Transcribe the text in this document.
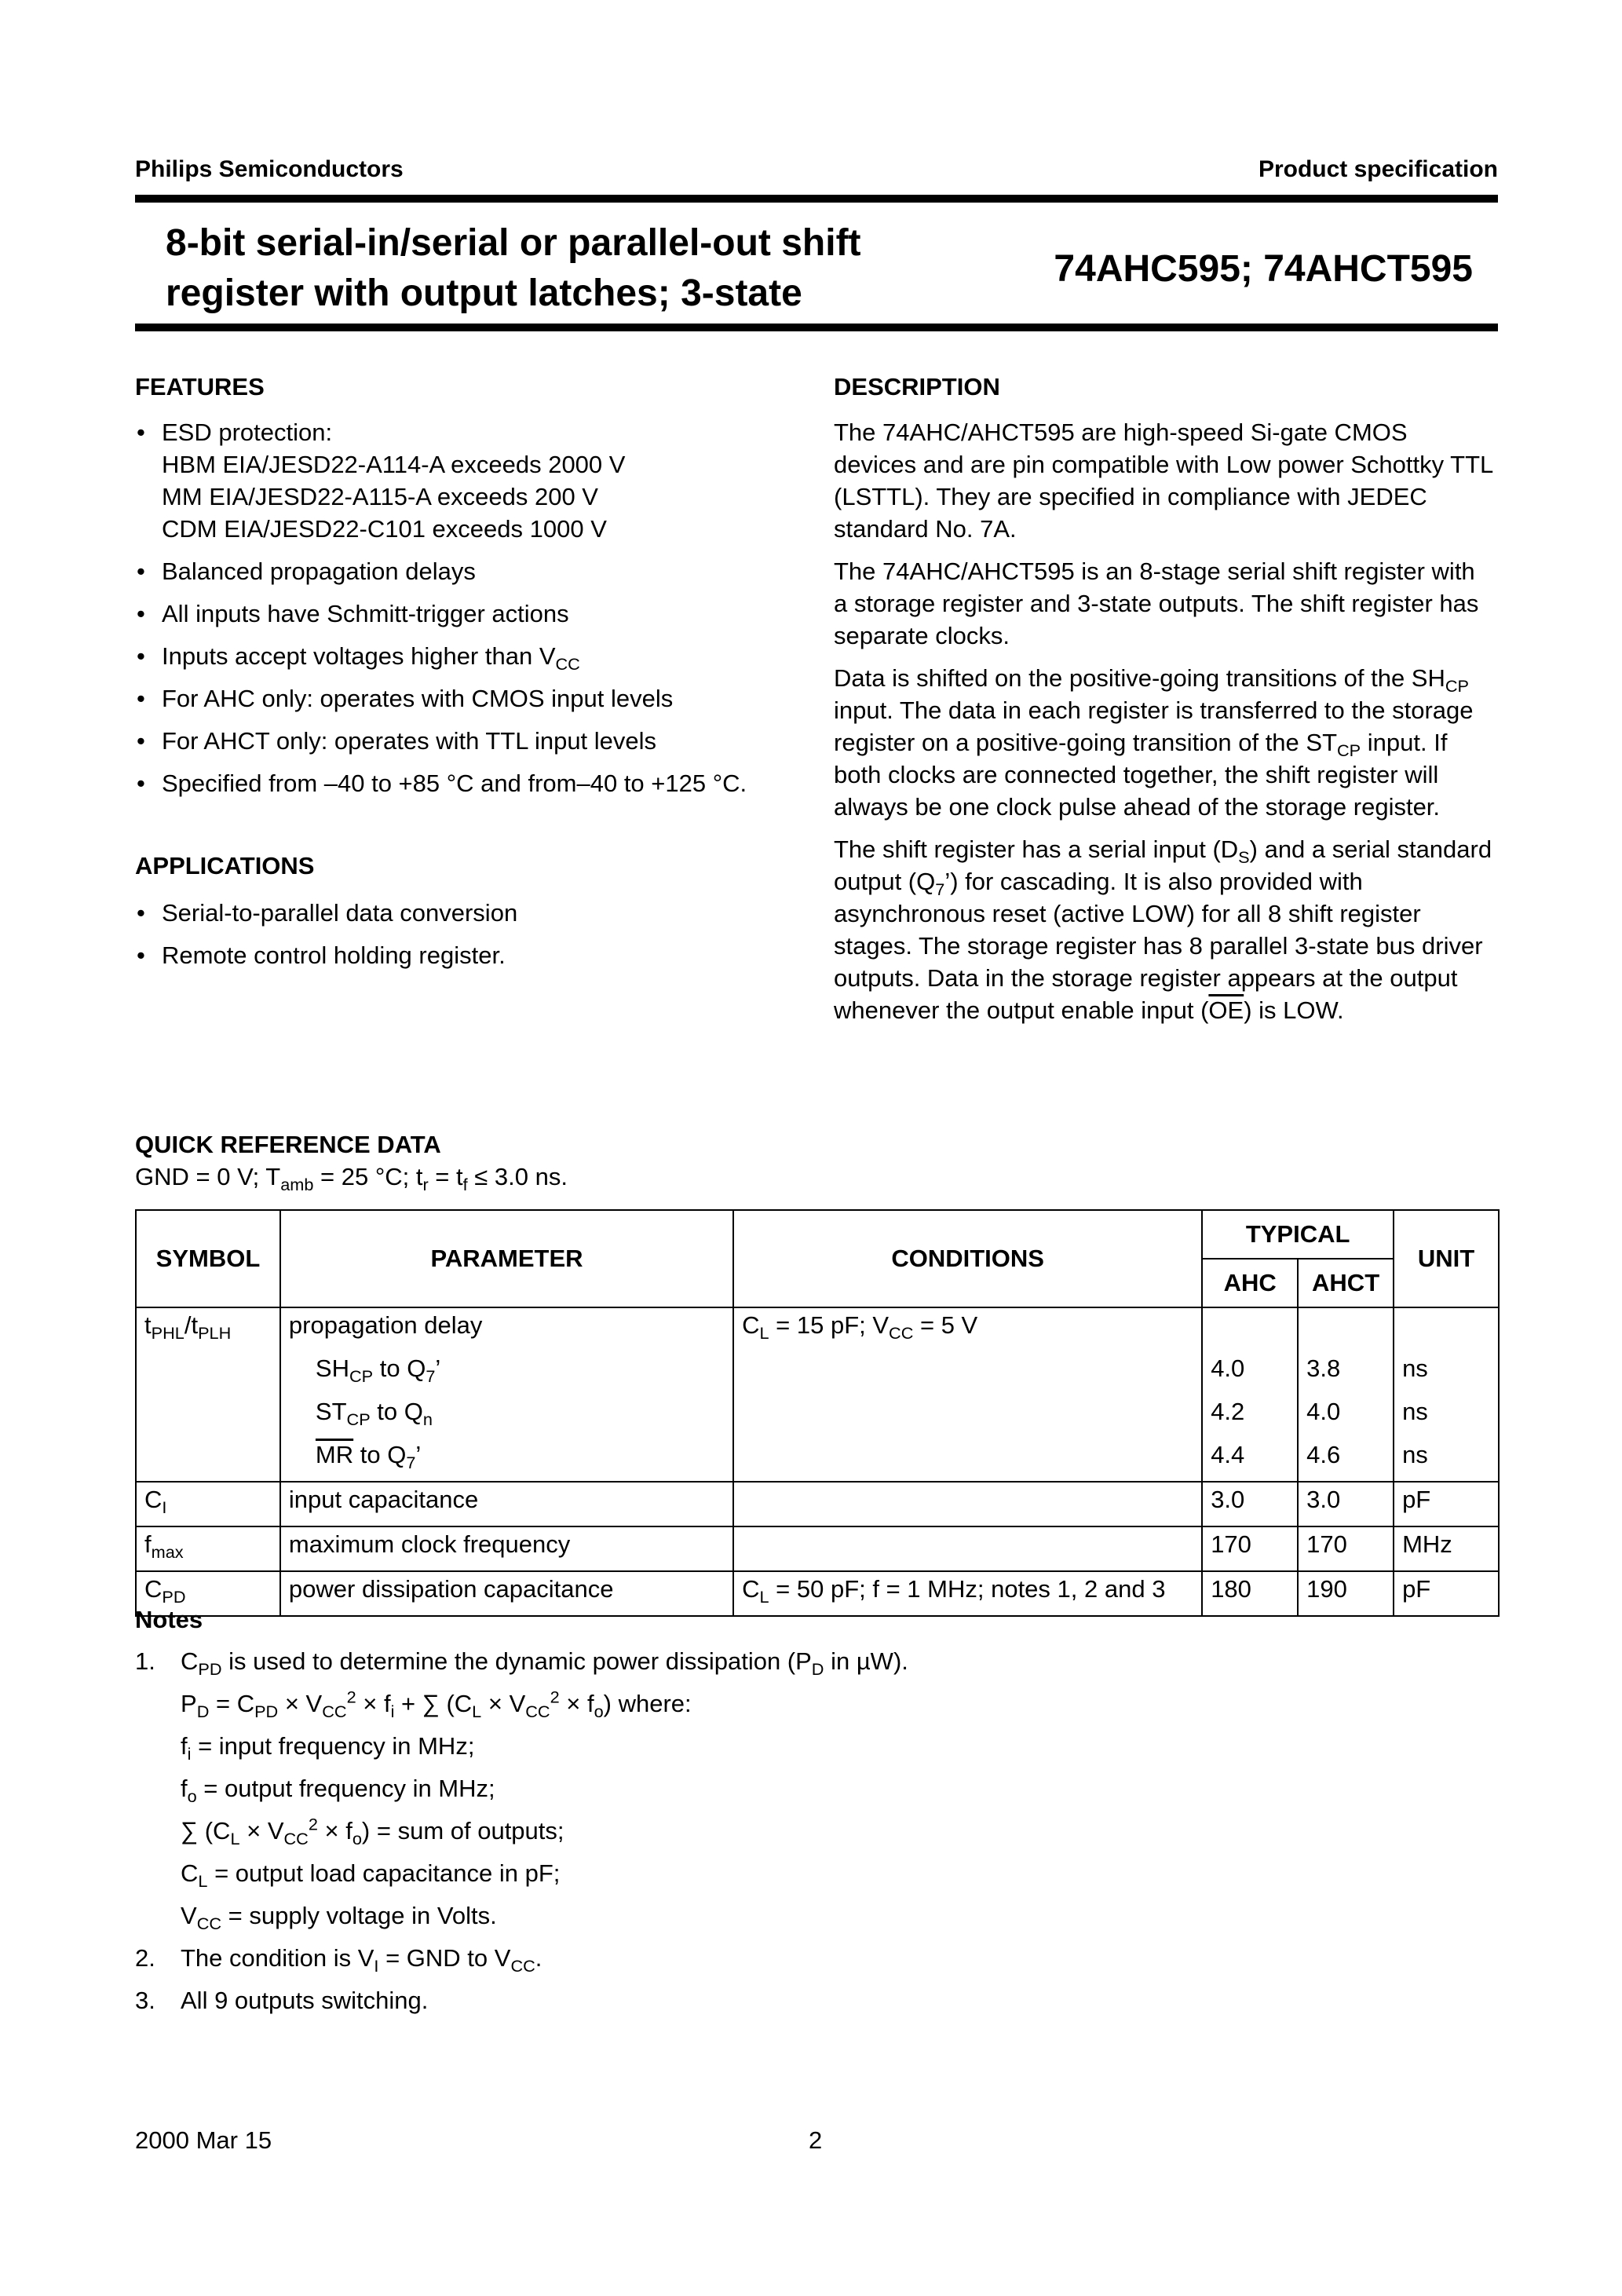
Philips Semiconductors	Product specification
8-bit serial-in/serial or parallel-out shift
register with output latches; 3-state
74AHC595; 74AHCT595
FEATURES
• ESD protection:
HBM EIA/JESD22-A114-A exceeds 2000 V
MM EIA/JESD22-A115-A exceeds 200 V
CDM EIA/JESD22-C101 exceeds 1000 V
• Balanced propagation delays
• All inputs have Schmitt-trigger actions
• Inputs accept voltages higher than $V_{CC}$
• For AHC only: operates with CMOS input levels
• For AHCT only: operates with TTL input levels
• Specified from –40 to +85 °C and from–40 to +125 °C.
APPLICATIONS
• Serial-to-parallel data conversion
• Remote control holding register.
DESCRIPTION

The 74AHC/AHCT595 are high-speed Si-gate CMOS devices and are pin compatible with Low power Schottky TTL (LSTTL). They are specified in compliance with JEDEC standard No. 7A.

The 74AHC/AHCT595 is an 8-stage serial shift register with a storage register and 3-state outputs. The shift register has separate clocks.

Data is shifted on the positive-going transitions of the $SH_{CP}$ input. The data in each register is transferred to the storage register on a positive-going transition of the $ST_{CP}$ input. If both clocks are connected together, the shift register will always be one clock pulse ahead of the storage register.

The shift register has a serial input $(D_S)$ and a serial standard output $(Q_7’)$ for cascading. It is also provided with asynchronous reset (active LOW) for all 8 shift register stages. The storage register has 8 parallel 3-state bus driver outputs. Data in the storage register appears at the output whenever the output enable input $(\overline{OE})$ is LOW.

QUICK REFERENCE DATA
GND = 0 V; $T_{amb} = 25$ °C; $t_r = t_f \le 3.0$ ns.
SYMBOL	PARAMETER	CONDITIONS	TYPICAL		UNIT
			AHC	AHCT	
$t_{PHL}/t_{PLH}$	propagation delay	$C_L = 15$ pF; $V_{CC} = 5$ V			
	$SH_{CP}$ to $Q_7$’		4.0	3.8	ns
	$ST_{CP}$ to $Q_n$		4.2	4.0	ns
	$\overline{MR}$ to $Q_7$’		4.4	4.6	ns
$C_I$	input capacitance		3.0	3.0	pF
$f_{max}$	maximum clock frequency		170	170	MHz
$C_{PD}$	power dissipation capacitance	$C_L = 50$ pF; f = 1 MHz; notes 1, 2 and 3	180	190	pF
Notes
1. $C_{PD}$ is used to determine the dynamic power dissipation ($P_D$ in µW).
$P_D = C_{PD} \times V_{CC}^2 \times f_i$ + ∑ $(C_L \times V_{CC}^2 \times f_o)$ where:
$f_i$ = input frequency in MHz;
$f_o$ = output frequency in MHz;
∑ $(C_L \times V_{CC}^2 \times f_o)$ = sum of outputs;
$C_L$ = output load capacitance in pF;
$V_{CC}$ = supply voltage in Volts.
2. The condition is $V_I$ = GND to $V_{CC}$.
3. All 9 outputs switching.
2000 Mar 15	2
